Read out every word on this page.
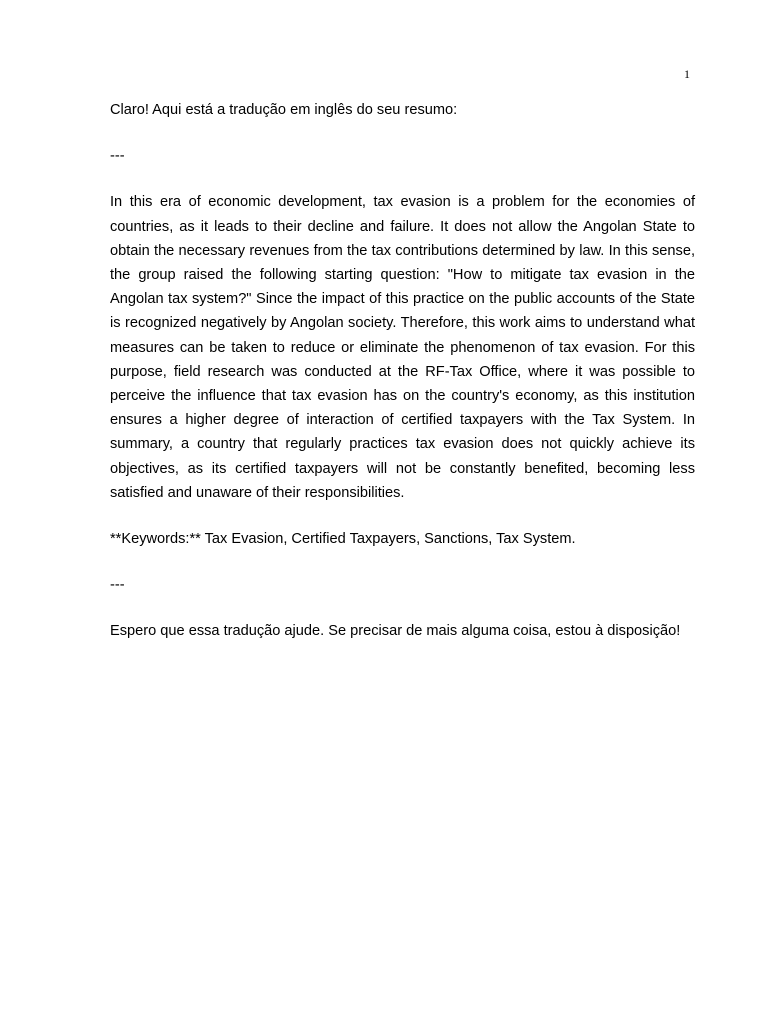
1

Claro! Aqui está a tradução em inglês do seu resumo:

---

In this era of economic development, tax evasion is a problem for the economies of countries, as it leads to their decline and failure. It does not allow the Angolan State to obtain the necessary revenues from the tax contributions determined by law. In this sense, the group raised the following starting question: "How to mitigate tax evasion in the Angolan tax system?" Since the impact of this practice on the public accounts of the State is recognized negatively by Angolan society. Therefore, this work aims to understand what measures can be taken to reduce or eliminate the phenomenon of tax evasion. For this purpose, field research was conducted at the RF-Tax Office, where it was possible to perceive the influence that tax evasion has on the country's economy, as this institution ensures a higher degree of interaction of certified taxpayers with the Tax System. In summary, a country that regularly practices tax evasion does not quickly achieve its objectives, as its certified taxpayers will not be constantly benefited, becoming less satisfied and unaware of their responsibilities.

**Keywords:** Tax Evasion, Certified Taxpayers, Sanctions, Tax System.

---

Espero que essa tradução ajude. Se precisar de mais alguma coisa, estou à disposição!
